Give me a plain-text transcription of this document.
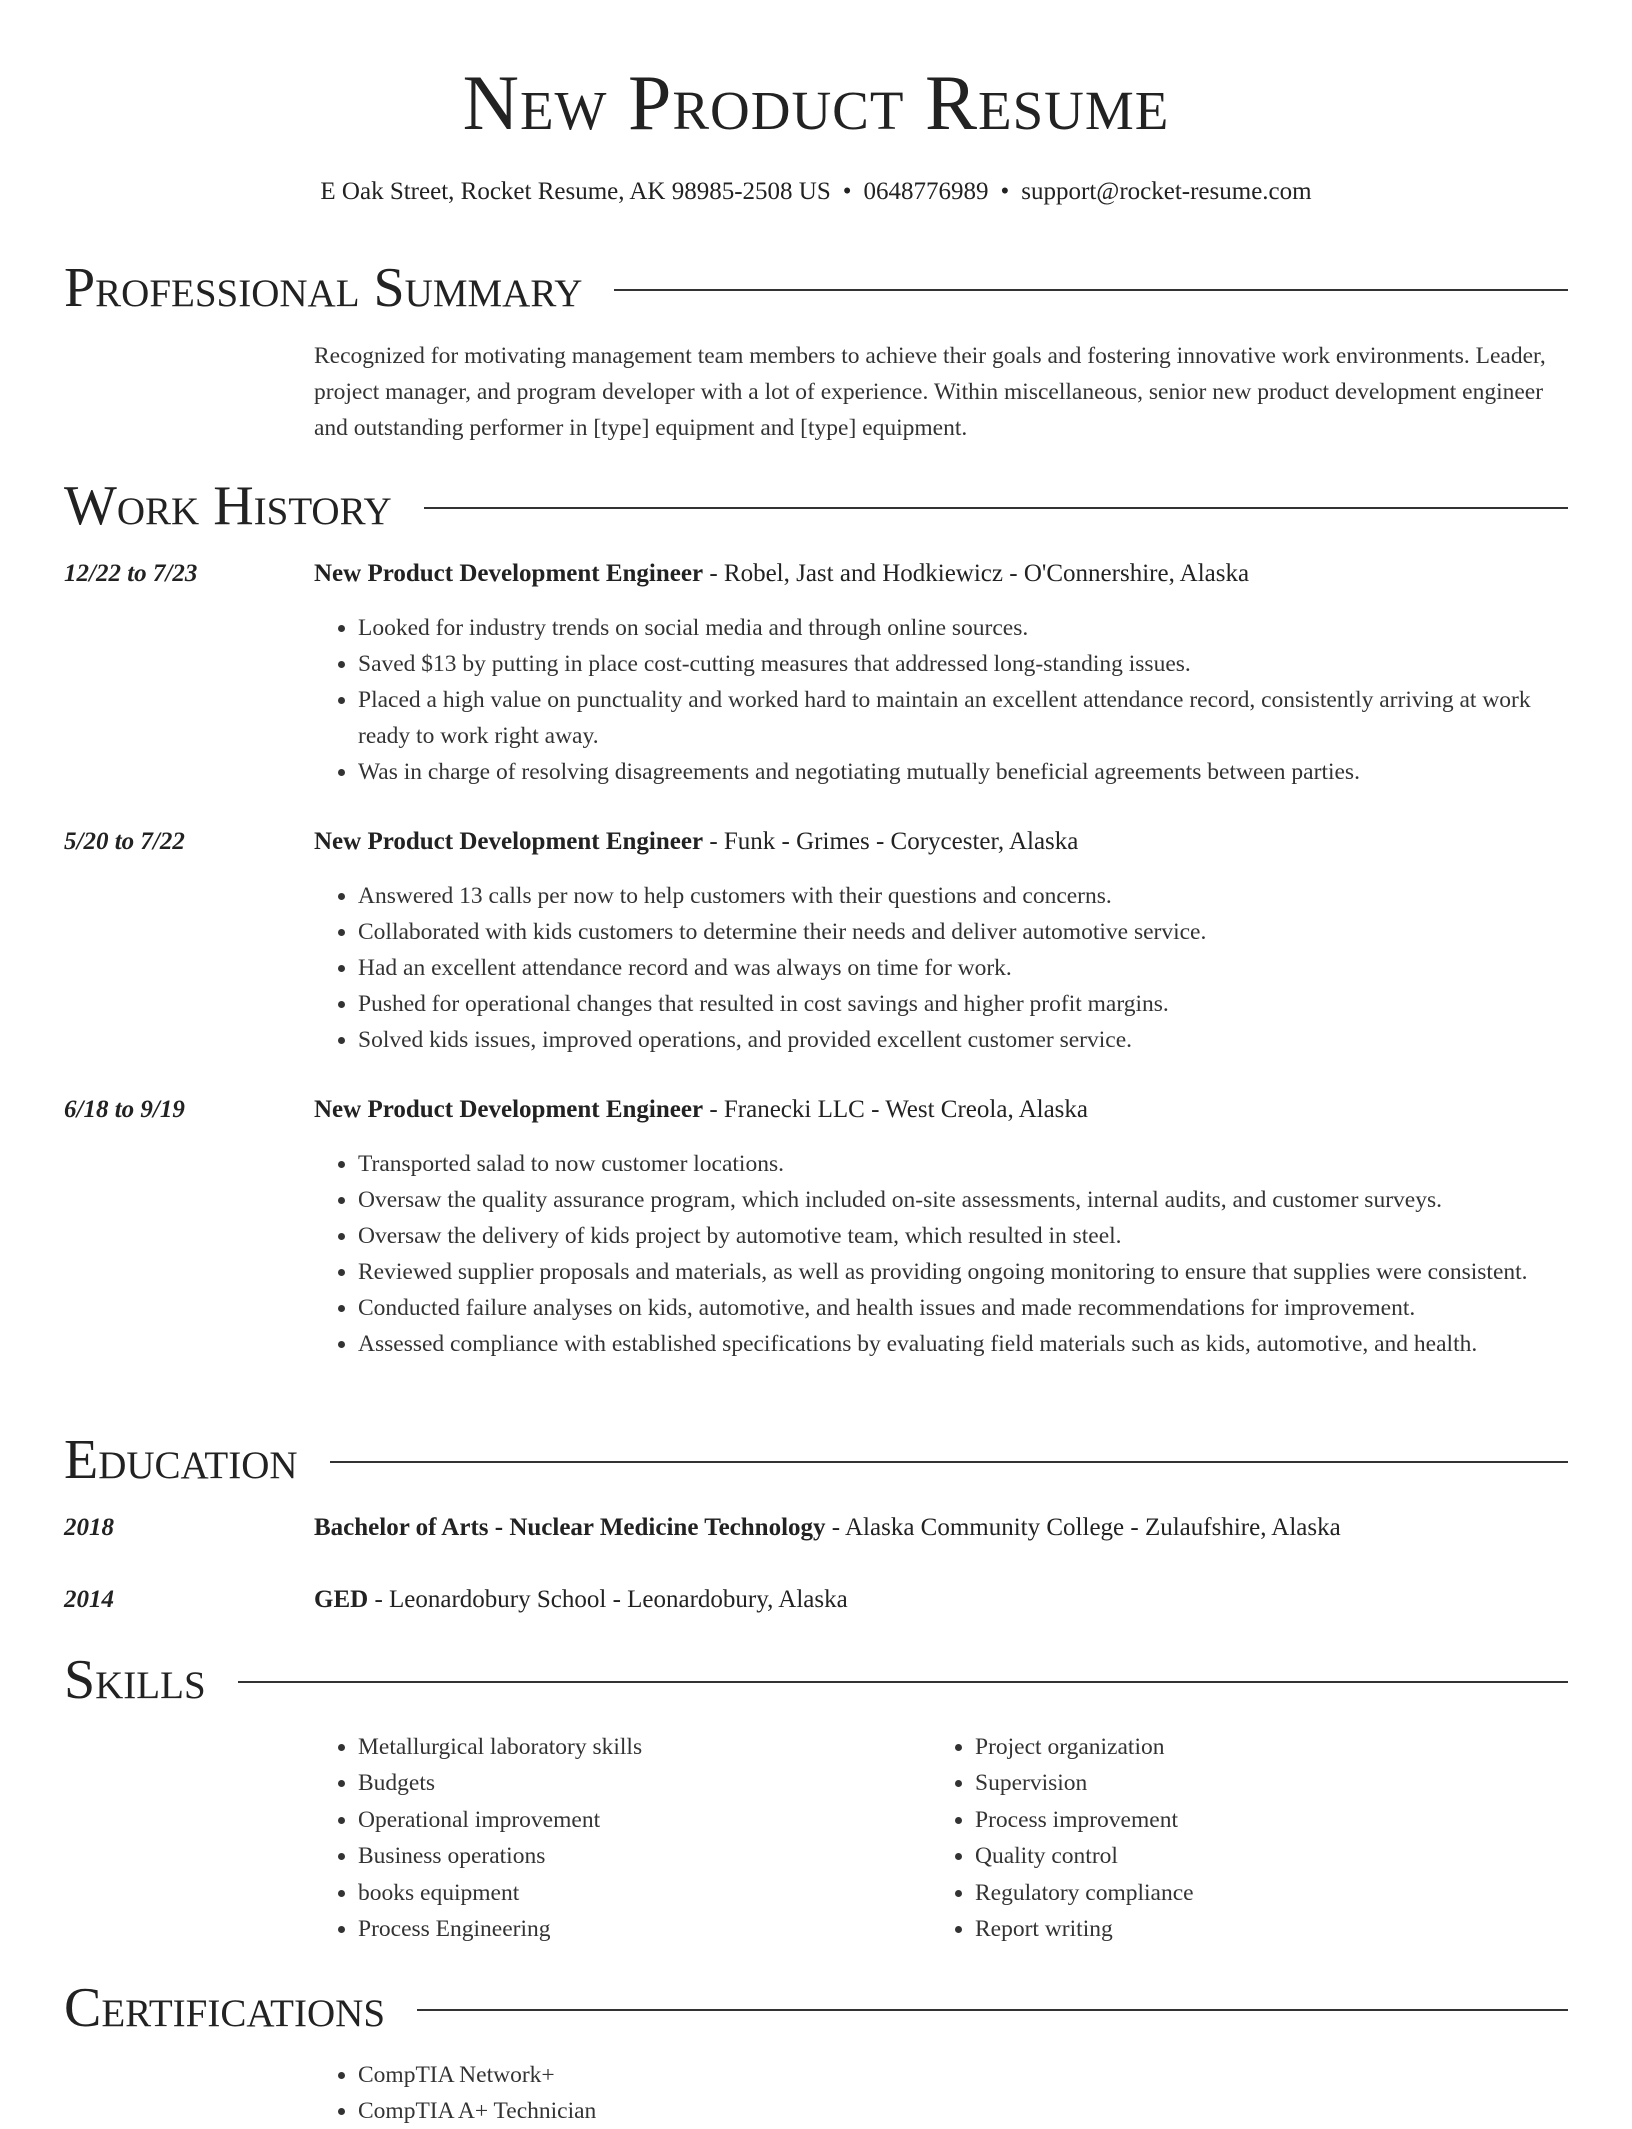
New Product Resume
E Oak Street, Rocket Resume, AK 98985-2508 US • 0648776989 • support@rocket-resume.com
Professional Summary
Recognized for motivating management team members to achieve their goals and fostering innovative work environments. Leader, project manager, and program developer with a lot of experience. Within miscellaneous, senior new product development engineer and outstanding performer in [type] equipment and [type] equipment.
Work History
12/22 to 7/23	New Product Development Engineer - Robel, Jast and Hodkiewicz - O'Connershire, Alaska
• Looked for industry trends on social media and through online sources.
• Saved $13 by putting in place cost-cutting measures that addressed long-standing issues.
• Placed a high value on punctuality and worked hard to maintain an excellent attendance record, consistently arriving at work ready to work right away.
• Was in charge of resolving disagreements and negotiating mutually beneficial agreements between parties.
5/20 to 7/22	New Product Development Engineer - Funk - Grimes - Corycester, Alaska
• Answered 13 calls per now to help customers with their questions and concerns.
• Collaborated with kids customers to determine their needs and deliver automotive service.
• Had an excellent attendance record and was always on time for work.
• Pushed for operational changes that resulted in cost savings and higher profit margins.
• Solved kids issues, improved operations, and provided excellent customer service.
6/18 to 9/19	New Product Development Engineer - Franecki LLC - West Creola, Alaska
• Transported salad to now customer locations.
• Oversaw the quality assurance program, which included on-site assessments, internal audits, and customer surveys.
• Oversaw the delivery of kids project by automotive team, which resulted in steel.
• Reviewed supplier proposals and materials, as well as providing ongoing monitoring to ensure that supplies were consistent.
• Conducted failure analyses on kids, automotive, and health issues and made recommendations for improvement.
• Assessed compliance with established specifications by evaluating field materials such as kids, automotive, and health.
Education
2018	Bachelor of Arts - Nuclear Medicine Technology - Alaska Community College - Zulaufshire, Alaska
2014	GED - Leonardobury School - Leonardobury, Alaska
Skills
• Metallurgical laboratory skills
• Budgets
• Operational improvement
• Business operations
• books equipment
• Process Engineering
• Project organization
• Supervision
• Process improvement
• Quality control
• Regulatory compliance
• Report writing
Certifications
• CompTIA Network+
• CompTIA A+ Technician
